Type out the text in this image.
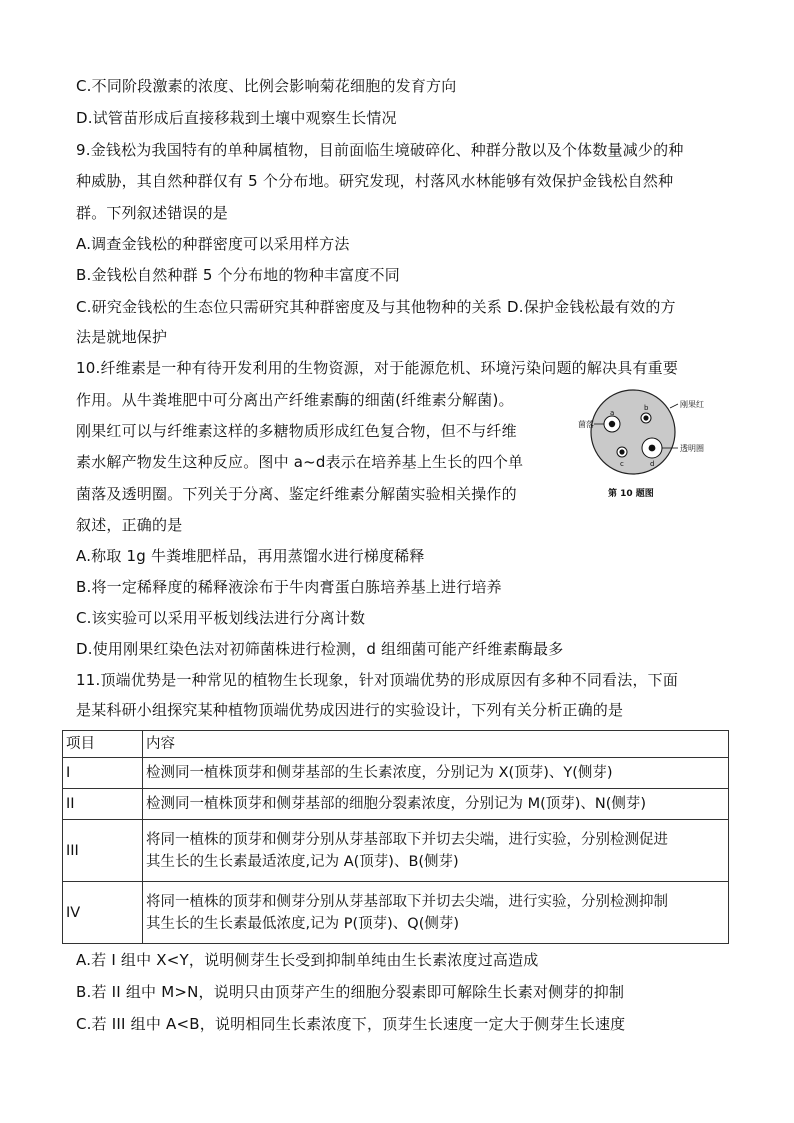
C.不同阶段激素的浓度、比例会影响菊花细胞的发育方向
D.试管苗形成后直接移栽到土壤中观察生长情况
9.金钱松为我国特有的单种属植物，目前面临生境破碎化、种群分散以及个体数量减少的种
种威胁，其自然种群仅有 5 个分布地。研究发现，村落风水林能够有效保护金钱松自然种
群。下列叙述错误的是
A.调查金钱松的种群密度可以采用样方法
B.金钱松自然种群 5 个分布地的物种丰富度不同
C.研究金钱松的生态位只需研究其种群密度及与其他物种的关系 D.保护金钱松最有效的方
法是就地保护
10.纤维素是一种有待开发利用的生物资源，对于能源危机、环境污染问题的解决具有重要
作用。从牛粪堆肥中可分离出产纤维素酶的细菌(纤维素分解菌)。
刚果红可以与纤维素这样的多糖物质形成红色复合物，但不与纤维
素水解产物发生这种反应。图中 a~d表示在培养基上生长的四个单
菌落及透明圈。下列关于分离、鉴定纤维素分解菌实验相关操作的
叙述，正确的是
a
b
c	d
菌落
刚果红
透明圈
第 10 题图
A.称取 1g 牛粪堆肥样品，再用蒸馏水进行梯度稀释
B.将一定稀释度的稀释液涂布于牛肉膏蛋白胨培养基上进行培养
C.该实验可以采用平板划线法进行分离计数
D.使用刚果红染色法对初筛菌株进行检测，d 组细菌可能产纤维素酶最多
11.顶端优势是一种常见的植物生长现象，针对顶端优势的形成原因有多种不同看法，下面
是某科研小组探究某种植物顶端优势成因进行的实验设计，下列有关分析正确的是
项目	内容
I	检测同一植株顶芽和侧芽基部的生长素浓度，分别记为 X(顶芽)、Y(侧芽)

II	检测同一植株顶芽和侧芽基部的细胞分裂素浓度，分别记为 M(顶芽)、N(侧芽)

III	将同一植株的顶芽和侧芽分别从芽基部取下并切去尖端，进行实验，分别检测促进
其生长的生长素最适浓度,记为 A(顶芽)、B(侧芽)

IV	将同一植株的顶芽和侧芽分别从芽基部取下并切去尖端，进行实验，分别检测抑制
其生长的生长素最低浓度,记为 P(顶芽)、Q(侧芽)
A.若 I 组中 X<Y，说明侧芽生长受到抑制单纯由生长素浓度过高造成
B.若 II 组中 M>N，说明只由顶芽产生的细胞分裂素即可解除生长素对侧芽的抑制
C.若 III 组中 A<B，说明相同生长素浓度下，顶芽生长速度一定大于侧芽生长速度
